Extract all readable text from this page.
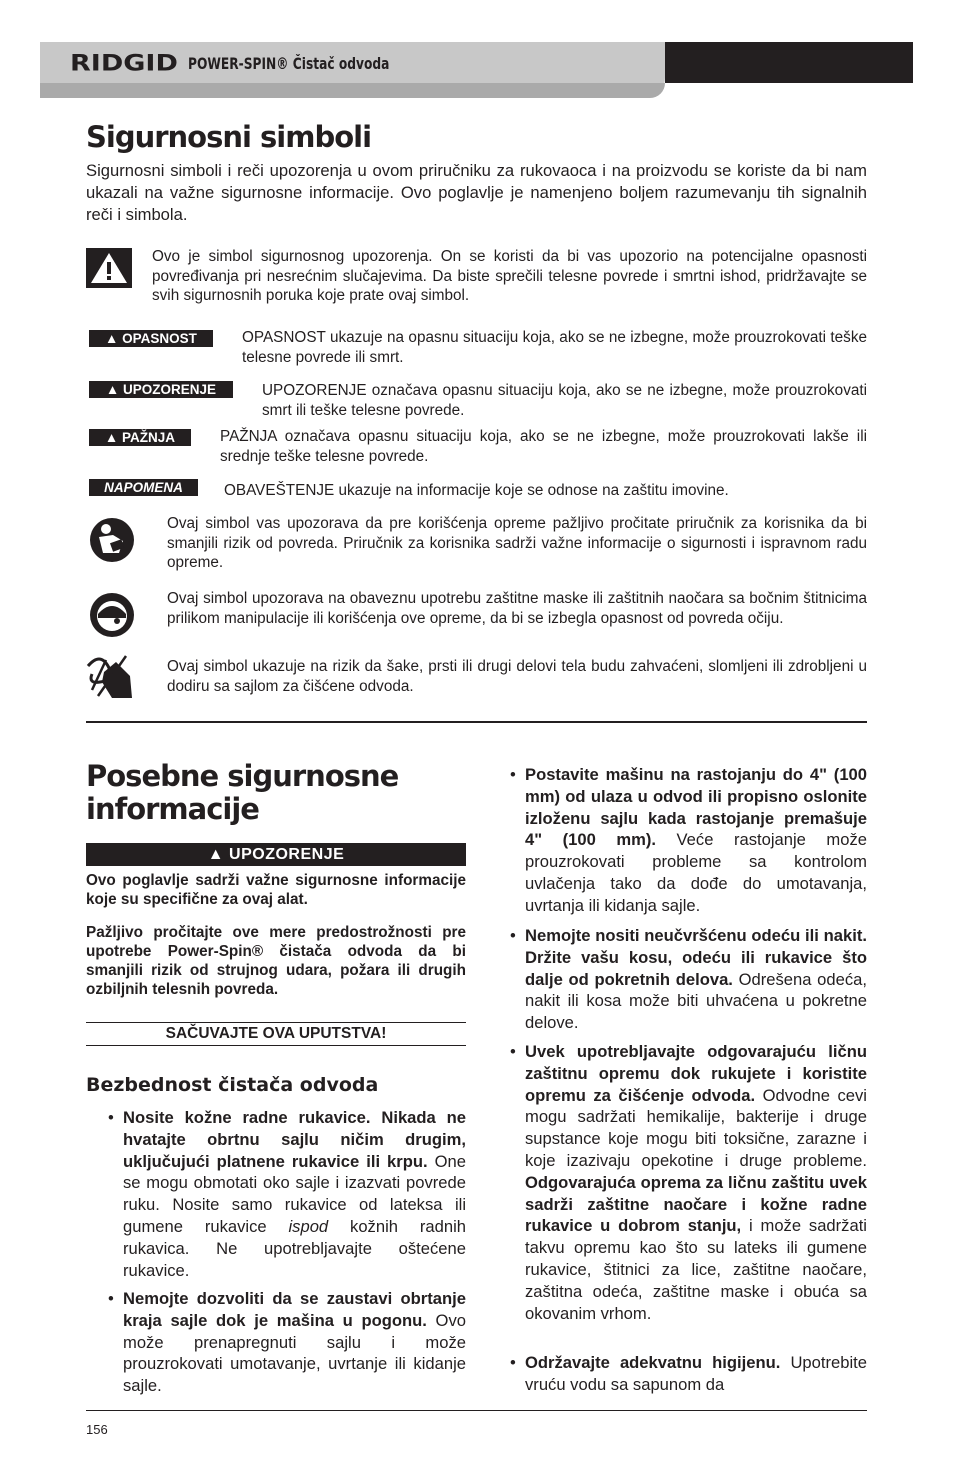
RIDGID POWER-SPIN® Čistač odvoda
Sigurnosni simboli
Sigurnosni simboli i reči upozorenja u ovom priručniku za rukovaoca i na proizvodu se koriste da bi nam ukazali na važne sigurnosne informacije. Ovo poglavlje je namenjeno boljem razumevanju tih signalnih reči i simbola.
Ovo je simbol sigurnosnog upozorenja. On se koristi da bi vas upozorio na potencijalne opasnosti povređivanja pri nesrećnim slučajevima. Da biste sprečili telesne povrede i smrtni ishod, pridržavajte se svih sigurnosnih poruka koje prate ovaj simbol.
▲ OPASNOST	OPASNOST ukazuje na opasnu situaciju koja, ako se ne izbegne, može prouzrokovati teške telesne povrede ili smrt.
▲ UPOZORENJE	UPOZORENJE označava opasnu situaciju koja, ako se ne izbegne, može prouzrokovati smrt ili teške telesne povrede.
▲ PAŽNJA	PAŽNJA označava opasnu situaciju koja, ako se ne izbegne, može prouzrokovati lakše ili srednje teške telesne povrede.
NAPOMENA	OBAVEŠTENJE ukazuje na informacije koje se odnose na zaštitu imovine.
Ovaj simbol vas upozorava da pre korišćenja opreme pažljivo pročitate priručnik za korisnika da bi smanjili rizik od povreda. Priručnik za korisnika sadrži važne informacije o sigurnosti i ispravnom radu opreme.
Ovaj simbol upozorava na obaveznu upotrebu zaštitne maske ili zaštitnih naočara sa bočnim štitnicima prilikom manipulacije ili korišćenja ove opreme, da bi se izbegla opasnost od povreda očiju.
Ovaj simbol ukazuje na rizik da šake, prsti ili drugi delovi tela budu zahvaćeni, slomljeni ili zdrobljeni u dodiru sa sajlom za čišćene odvoda.
Posebne sigurnosne
informacije
▲ UPOZORENJE
Ovo poglavlje sadrži važne sigurnosne informacije koje su specifične za ovaj alat.
Pažljivo pročitajte ove mere predostrožnosti pre upotrebe Power-Spin® čistača odvoda da bi smanjili rizik od strujnog udara, požara ili drugih ozbiljnih telesnih povreda.
SAČUVAJTE OVA UPUTSTVA!
Bezbednost čistača odvoda
• Nosite kožne radne rukavice. Nikada ne hvatajte obrtnu sajlu ničim drugim, uključujući platnene rukavice ili krpu. One se mogu obmotati oko sajle i izazvati povrede ruku. Nosite samo rukavice od lateksa ili gumene rukavice ispod kožnih radnih rukavica. Ne upotrebljavajte oštećene rukavice.
• Nemojte dozvoliti da se zaustavi obrtanje kraja sajle dok je mašina u pogonu. Ovo može prenapregnuti sajlu i može prouzrokovati umotavanje, uvrtanje ili kidanje sajle.
• Postavite mašinu na rastojanju do 4" (100 mm) od ulaza u odvod ili propisno oslonite izloženu sajlu kada rastojanje premašuje 4" (100 mm). Veće rastojanje može prouzrokovati probleme sa kontrolom uvlačenja tako da dođe do umotavanja, uvrtanja ili kidanja sajle.
• Nemojte nositi neučvršćenu odeću ili nakit. Držite vašu kosu, odeću ili rukavice što dalje od pokretnih delova. Odrešena odeća, nakit ili kosa može biti uhvaćena u pokretne delove.
• Uvek upotrebljavajte odgovarajuću ličnu zaštitnu opremu dok rukujete i koristite opremu za čišćenje odvoda. Odvodne cevi mogu sadržati hemikalije, bakterije i druge supstance koje mogu biti toksične, zarazne i koje izazivaju opekotine i druge probleme. Odgovarajuća oprema za ličnu zaštitu uvek sadrži zaštitne naočare i kožne radne rukavice u dobrom stanju, i može sadržati takvu opremu kao što su lateks ili gumene rukavice, štitnici za lice, zaštitne naočare, zaštitna odeća, zaštitne maske i obuća sa okovanim vrhom.
• Održavajte adekvatnu higijenu. Upotrebite vruću vodu sa sapunom da
156
